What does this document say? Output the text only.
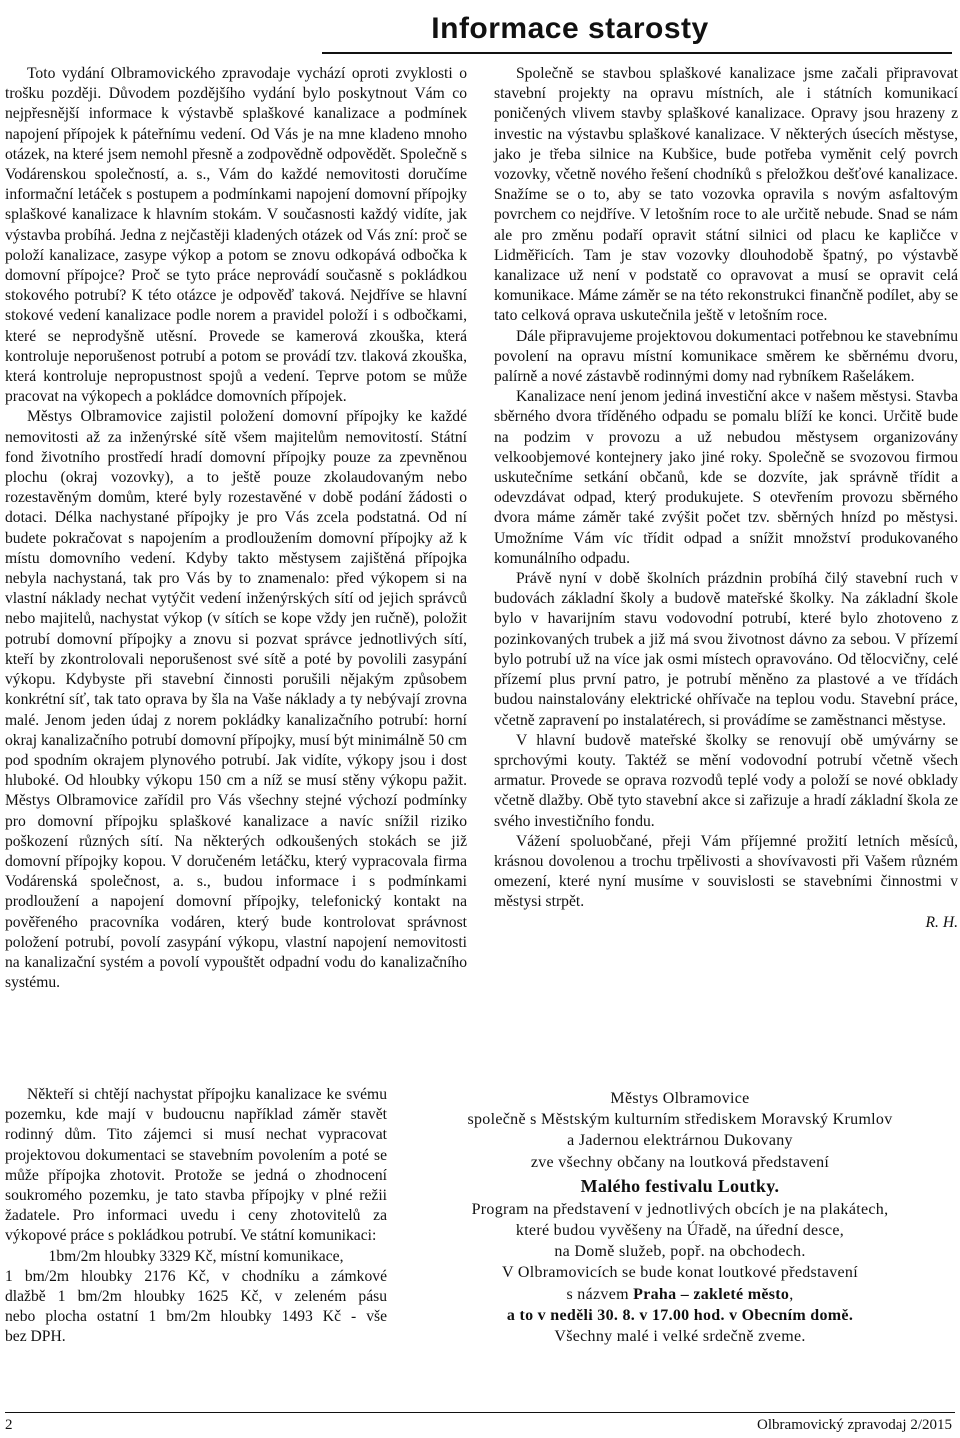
Informace starosty

Toto vydání Olbramovického zpravodaje vychází oproti zvyklosti o trošku později. Důvodem pozdějšího vydání bylo poskytnout Vám co nejpřesnější informace k výstavbě splaškové kanalizace a podmínek napojení přípojek k páteřnímu vedení. Od Vás je na mne kladeno mnoho otázek, na které jsem nemohl přesně a zodpovědně odpovědět. Společně s Vodárenskou společností, a. s., Vám do každé nemovitosti doručíme informační letáček s postupem a podmínkami napojení domovní přípojky splaškové kanalizace k hlavním stokám. V současnosti každý vidíte, jak výstavba probíhá. Jedna z nejčastěji kladených otázek od Vás zní: proč se položí kanalizace, zasype výkop a potom se znovu odkopává odbočka k domovní přípojce? Proč se tyto práce neprovádí současně s pokládkou stokového potrubí? K této otázce je odpověď taková. Nejdříve se hlavní stokové vedení kanalizace podle norem a pravidel položí i s odbočkami, které se neprodyšně utěsní. Provede se kamerová zkouška, která kontroluje neporušenost potrubí a potom se provádí tzv. tlaková zkouška, která kontroluje nepropustnost spojů a vedení. Teprve potom se může pracovat na výkopech a pokládce domovních přípojek.

Městys Olbramovice zajistil položení domovní přípojky ke každé nemovitosti až za inženýrské sítě všem majitelům nemovitostí. Státní fond životního prostředí hradí domovní přípojky pouze za zpevněnou plochu (okraj vozovky), a to ještě pouze zkolaudovaným nebo rozestavěným domům, které byly rozestavěné v době podání žádosti o dotaci. Délka nachystané přípojky je pro Vás zcela podstatná. Od ní budete pokračovat s napojením a prodloužením domovní přípojky až k místu domovního vedení. Kdyby takto městysem zajištěná přípojka nebyla nachystaná, tak pro Vás by to znamenalo: před výkopem si na vlastní náklady nechat vytýčit vedení inženýrských sítí od jejich správců nebo majitelů, nachystat výkop (v sítích se kope vždy jen ručně), položit potrubí domovní přípojky a znovu si pozvat správce jednotlivých sítí, kteří by zkontrolovali neporušenost své sítě a poté by povolili zasypání výkopu. Kdybyste při stavební činnosti porušili nějakým způsobem konkrétní síť, tak tato oprava by šla na Vaše náklady a ty nebývají zrovna malé. Jenom jeden údaj z norem pokládky kanalizačního potrubí: horní okraj kanalizačního potrubí domovní přípojky, musí být minimálně 50 cm pod spodním okrajem plynového potrubí. Jak vidíte, výkopy jsou i dost hluboké. Od hloubky výkopu 150 cm a níž se musí stěny výkopu pažit. Městys Olbramovice zařídil pro Vás všechny stejné výchozí podmínky pro domovní přípojku splaškové kanalizace a navíc snížil riziko poškození různých sítí. Na některých odkoušených stokách se již domovní přípojky kopou. V doručeném letáčku, který vypracovala firma Vodárenská společnost, a. s., budou informace i s podmínkami prodloužení a napojení domovní přípojky, telefonický kontakt na pověřeného pracovníka vodáren, který bude kontrolovat správnost položení potrubí, povolí zasypání výkopu, vlastní napojení nemovitosti na kanalizační systém a povolí vypouštět odpadní vodu do kanalizačního systému.

Někteří si chtějí nachystat přípojku kanalizace ke svému pozemku, kde mají v budoucnu například záměr stavět rodinný dům. Tito zájemci si musí nechat vypracovat projektovou dokumentaci se stavebním povolením a poté se může přípojka zhotovit. Protože se jedná o zhodnocení soukromého pozemku, je tato stavba přípojky v plné režii žadatele. Pro informaci uvedu i ceny zhotovitelů za výkopové práce s pokládkou potrubí. Ve státní komunikaci:

1bm/2m hloubky 3329 Kč, místní komunikace,
1 bm/2m hloubky 2176 Kč, v chodníku a zámkové
dlažbě 1 bm/2m hloubky 1625 Kč, v zeleném pásu
nebo plocha ostatní 1 bm/2m hloubky 1493 Kč - vše
bez DPH.

Společně se stavbou splaškové kanalizace jsme začali připravovat stavební projekty na opravu místních, ale i státních komunikací poničených vlivem stavby splaškové kanalizace. Opravy jsou hrazeny z investic na výstavbu splaškové kanalizace. V některých úsecích městyse, jako je třeba silnice na Kubšice, bude potřeba vyměnit celý povrch vozovky, včetně nového řešení chodníků s přeložkou dešťové kanalizace. Snažíme se o to, aby se tato vozovka opravila s novým asfaltovým povrchem co nejdříve. V letošním roce to ale určitě nebude. Snad se nám ale pro změnu podaří opravit státní silnici od placu ke kapličce v Lidměřicích. Tam je stav vozovky dlouhodobě špatný, po výstavbě kanalizace už není v podstatě co opravovat a musí se opravit celá komunikace. Máme záměr se na této rekonstrukci finančně podílet, aby se tato celková oprava uskutečnila ještě v letošním roce.

Dále připravujeme projektovou dokumentaci potřebnou ke stavebnímu povolení na opravu místní komunikace směrem ke sběrnému dvoru, palírně a nové zástavbě rodinnými domy nad rybníkem Rašelákem.

Kanalizace není jenom jediná investiční akce v našem městysi. Stavba sběrného dvora tříděného odpadu se pomalu blíží ke konci. Určitě bude na podzim v provozu a už nebudou městysem organizovány velkoobjemové kontejnery jako jiné roky. Společně se svozovou firmou uskutečníme setkání občanů, kde se dozvíte, jak správně třídit a odevzdávat odpad, který produkujete. S otevřením provozu sběrného dvora máme záměr také zvýšit počet tzv. sběrných hnízd po městysi. Umožníme Vám víc třídit odpad a snížit množství produkovaného komunálního odpadu.

Právě nyní v době školních prázdnin probíhá čilý stavební ruch v budovách základní školy a budově mateřské školky. Na základní škole bylo v havarijním stavu vodovodní potrubí, které bylo zhotoveno z pozinkovaných trubek a již má svou životnost dávno za sebou. V přízemí bylo potrubí už na více jak osmi místech opravováno. Od tělocvičny, celé přízemí plus první patro, je potrubí měněno za plastové a ve třídách budou nainstalovány elektrické ohřívače na teplou vodu. Stavební práce, včetně zapravení po instalatérech, si provádíme se zaměstnanci městyse.

V hlavní budově mateřské školky se renovují obě umývárny se sprchovými kouty. Taktéž se mění vodovodní potrubí včetně všech armatur. Provede se oprava rozvodů teplé vody a položí se nové obklady včetně dlažby. Obě tyto stavební akce si zařizuje a hradí základní škola ze svého investičního fondu.

Vážení spoluobčané, přeji Vám příjemné prožití letních měsíců, krásnou dovolenou a trochu trpělivosti a shovívavosti při Vašem různém omezení, které nyní musíme v souvislosti se stavebními činnostmi v městysi strpět.

R. H.

Městys Olbramovice
společně s Městským kulturním střediskem Moravský Krumlov
a Jadernou elektrárnou Dukovany
zve všechny občany na loutková představení
Malého festivalu Loutky.
Program na představení v jednotlivých obcích je na plakátech,
které budou vyvěšeny na Úřadě, na úřední desce,
na Domě služeb, popř. na obchodech.
V Olbramovicích se bude konat loutkové představení
s názvem Praha – zakleté město,
a to v neděli 30. 8. v 17.00 hod. v Obecním domě.
Všechny malé i velké srdečně zveme.
2	Olbramovický zpravodaj 2/2015
